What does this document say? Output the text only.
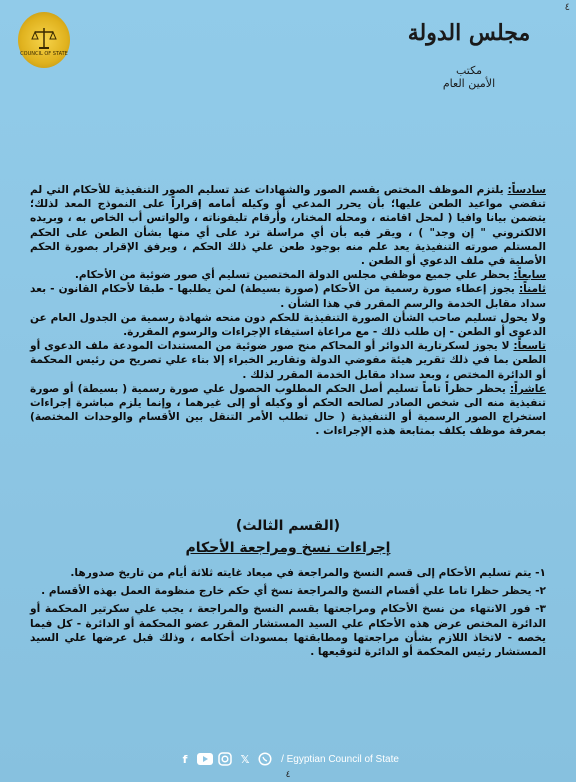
٤
COUNCIL OF STATE
مجلس الدولة
مكتب
الأمين العام

سادساً: يلتزم الموظف المختص بقسم الصور والشهادات عند تسليم الصور التنفيذية للأحكام التي لم تنقضي مواعيد الطعن عليها؛ بأن يحرر المدعي أو وكيله أمامه إقراراً على النموذج المعد لذلك؛ يتضمن بيانا وافيا ( لمحل اقامته ، ومحله المختار، وأرقام تليفوناته ، والواتس أب الخاص به ، وبريده الالكتروني " إن وجد" ) ، ويقر فيه بأن أي مراسلة ترد على أي منها بشأن الطعن على الحكم المستلم صورته التنفيذية يعد علم منه بوجود طعن علي ذلك الحكم ، ويرفق الإقرار بصورة الحكم الأصلية في ملف الدعوي أو الطعن .

سابعاً: يحظر علي جميع موظفي مجلس الدولة المختصين تسليم أي صور ضوئية من الأحكام.

ثامناً: يجوز إعطاء صورة رسمية من الأحكام (صورة بسيطة) لمن يطلبها - طبقا لأحكام القانون - بعد سداد مقابل الخدمة والرسم المقرر في هذا الشأن .

ولا يحول تسليم صاحب الشأن الصورة التنفيذية للحكم دون منحه شهادة رسمية من الجدول العام عن الدعوى أو الطعن - إن طلب ذلك - مع مراعاة استيفاء الإجراءات والرسوم المقررة.

تاسعاً: لا يجوز لسكرتارية الدوائر أو المحاكم منح صور ضوئية من المستندات المودعة ملف الدعوى أو الطعن بما في ذلك تقرير هيئة مفوضي الدولة وتقارير الخبراء إلا بناء علي تصريح من رئيس المحكمة أو الدائرة المختص ، وبعد سداد مقابل الخدمة المقرر لذلك .

عاشراً: يحظر حظراً تاماً تسليم أصل الحكم المطلوب الحصول علي صورة رسمية ( بسيطة) أو صورة تنفيذية منه الى شخص الصادر لصالحه الحكم أو وكيله أو إلى غيرهما ، وإنما يلزم مباشرة إجراءات استخراج الصور الرسمية أو التنفيذية ( حال تطلب الأمر التنقل بين الأقسام والوحدات المختصة) بمعرفة موظف يكلف بمتابعة هذه الإجراءات .

(القسم الثالث)
إجراءات نسخ ومراجعة الأحكام

١- يتم تسليم الأحكام إلى قسم النسخ والمراجعة في ميعاد غايته ثلاثة أيام من تاريخ صدورها.

٢- يحظر حظرا تاما علي أقسام النسخ والمراجعة نسخ أي حكم خارج منظومة العمل بهذه الأقسام .

٣- فور الانتهاء من نسخ الأحكام ومراجعتها بقسم النسخ والمراجعة ، يجب علي سكرتير المحكمة أو الدائرة المختص عرض هذه الأحكام علي السيد المستشار المقرر عضو المحكمة أو الدائرة - كل فيما يخصه - لاتخاذ اللازم بشأن مراجعتها ومطابقتها بمسودات أحكامه ، وذلك قبل عرضها علي السيد المستشار رئيس المحكمة أو الدائرة لتوقيعها .

f	𝕏	/ Egyptian Council of State
٤
